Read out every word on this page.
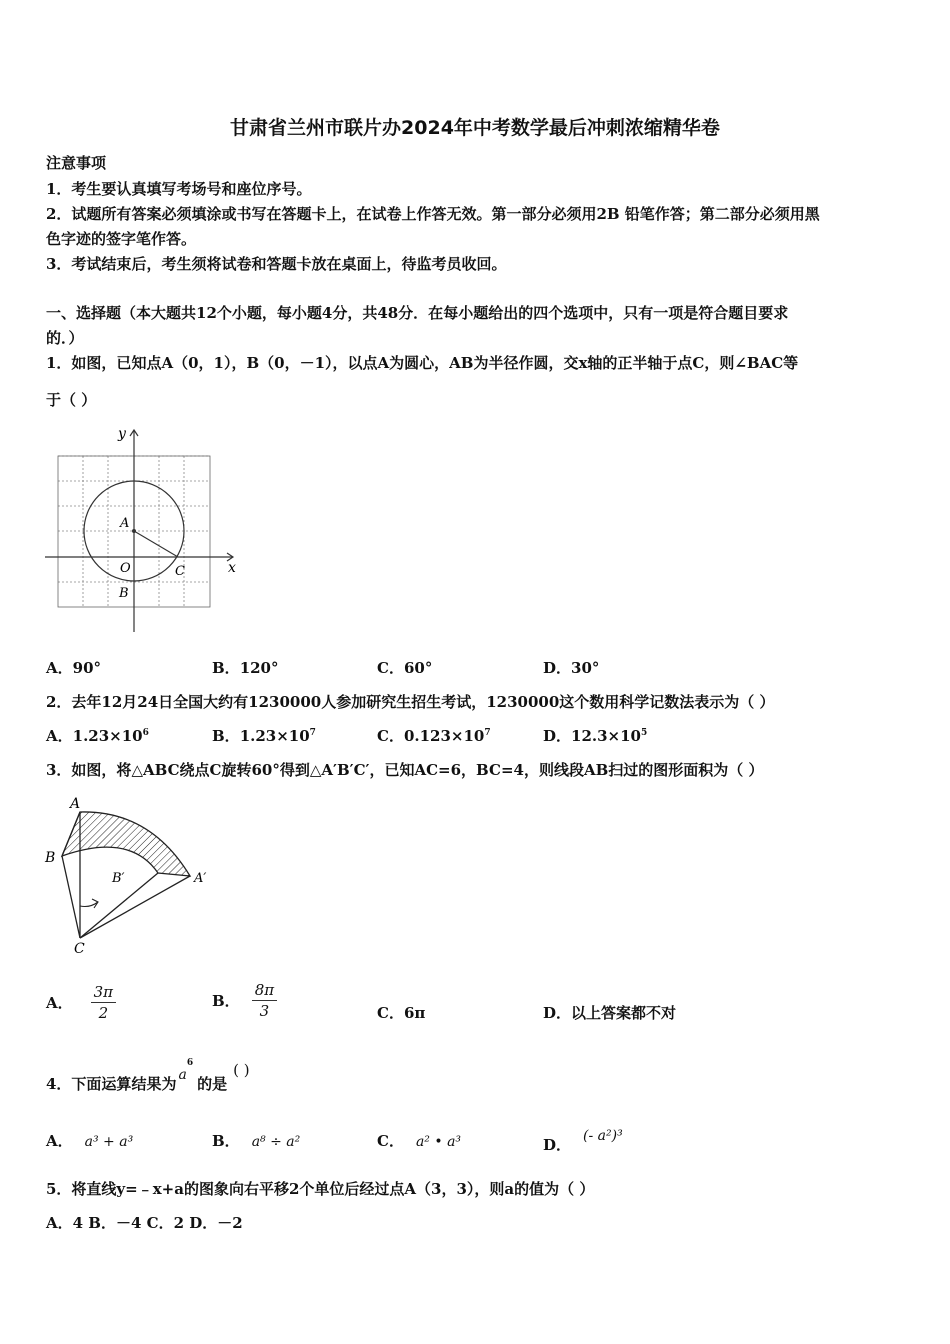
甘肃省兰州市联片办2024年中考数学最后冲刺浓缩精华卷
注意事项
1．考生要认真填写考场号和座位序号。
2．试题所有答案必须填涂或书写在答题卡上，在试卷上作答无效。第一部分必须用2B 铅笔作答；第二部分必须用黑
色字迹的签字笔作答。
3．考试结束后，考生须将试卷和答题卡放在桌面上，待监考员收回。
一、选择题（本大题共12个小题，每小题4分，共48分．在每小题给出的四个选项中，只有一项是符合题目要求
的．）
1．如图，已知点A（0，1），B（0，－1），以点A为圆心，AB为半径作圆，交x轴的正半轴于点C，则∠BAC等
于（ ）
y
x
A
O	C
B
A．90°	B．120°	C．60°	D．30°
2．去年12月24日全国大约有1230000人参加研究生招生考试，1230000这个数用科学记数法表示为（ ）
A．$1.23\times 10^6$	B．$1.23\times 10^7$	C．$0.123\times 10^7$	D．$12.3\times 10^5$
3．如图，将△ABC绕点C旋转60°得到△A′B′C′，已知AC=6，BC=4，则线段AB扫过的图形面积为（ ）
A
B
B′	A′
C
A． $\frac{3\pi}{2}$	B． $\frac{8\pi}{3}$	C．6π	D．以上答案都不对
4．下面运算结果为 $a^6$的是( )
A． a³ + a³	B． a⁸ ÷ a²	C． a² • a³	D． (- a²)³
5．将直线y=﹣x+a的图象向右平移2个单位后经过点A（3，3），则a的值为（ ）
A．4 B．－4 C．2 D．－2
